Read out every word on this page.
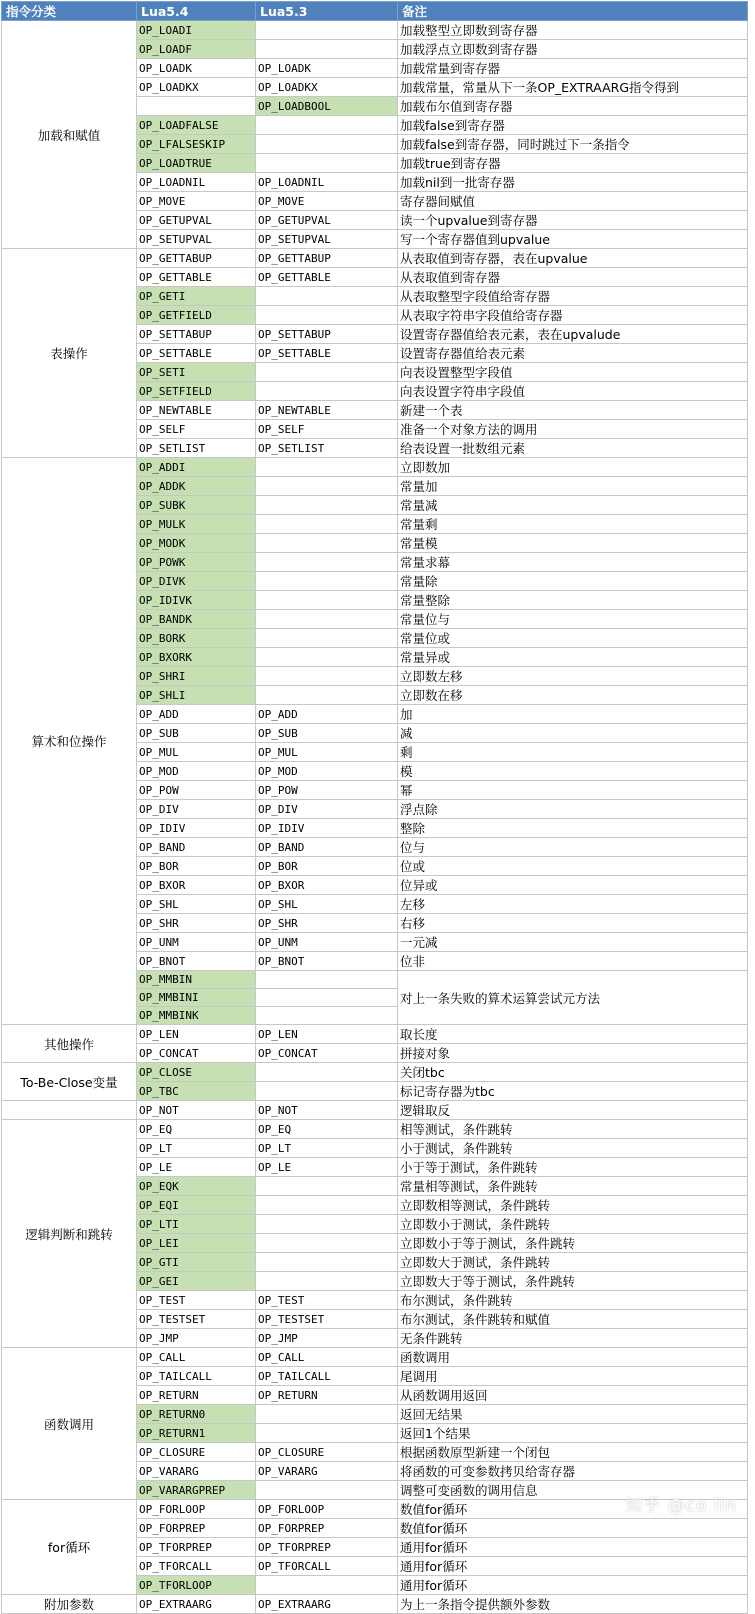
指令分类	Lua5.4	Lua5.3	备注
加载和赋值	OP_LOADI		加载整型立即数到寄存器
	OP_LOADF		加载浮点立即数到寄存器
	OP_LOADK	OP_LOADK	加载常量到寄存器
	OP_LOADKX	OP_LOADKX	加载常量，常量从下一条OP_EXTRAARG指令得到
		OP_LOADBOOL	加载布尔值到寄存器
	OP_LOADFALSE		加载false到寄存器
	OP_LFALSESKIP		加载false到寄存器，同时跳过下一条指令
	OP_LOADTRUE		加载true到寄存器
	OP_LOADNIL	OP_LOADNIL	加载nil到一批寄存器
	OP_MOVE	OP_MOVE	寄存器间赋值
	OP_GETUPVAL	OP_GETUPVAL	读一个upvalue到寄存器
	OP_SETUPVAL	OP_SETUPVAL	写一个寄存器值到upvalue
表操作	OP_GETTABUP	OP_GETTABUP	从表取值到寄存器，表在upvalue
	OP_GETTABLE	OP_GETTABLE	从表取值到寄存器
	OP_GETI		从表取整型字段值给寄存器
	OP_GETFIELD		从表取字符串字段值给寄存器
	OP_SETTABUP	OP_SETTABUP	设置寄存器值给表元素，表在upvalude
	OP_SETTABLE	OP_SETTABLE	设置寄存器值给表元素
	OP_SETI		向表设置整型字段值
	OP_SETFIELD		向表设置字符串字段值
	OP_NEWTABLE	OP_NEWTABLE	新建一个表
	OP_SELF	OP_SELF	准备一个对象方法的调用
	OP_SETLIST	OP_SETLIST	给表设置一批数组元素
算术和位操作	OP_ADDI		立即数加
	OP_ADDK		常量加
	OP_SUBK		常量减
	OP_MULK		常量剩
	OP_MODK		常量模
	OP_POWK		常量求幕
	OP_DIVK		常量除
	OP_IDIVK		常量整除
	OP_BANDK		常量位与
	OP_BORK		常量位或
	OP_BXORK		常量异或
	OP_SHRI		立即数左移
	OP_SHLI		立即数在移
	OP_ADD	OP_ADD	加
	OP_SUB	OP_SUB	减
	OP_MUL	OP_MUL	剩
	OP_MOD	OP_MOD	模
	OP_POW	OP_POW	幂
	OP_DIV	OP_DIV	浮点除
	OP_IDIV	OP_IDIV	整除
	OP_BAND	OP_BAND	位与
	OP_BOR	OP_BOR	位或
	OP_BXOR	OP_BXOR	位异或
	OP_SHL	OP_SHL	左移
	OP_SHR	OP_SHR	右移
	OP_UNM	OP_UNM	一元减
	OP_BNOT	OP_BNOT	位非
	OP_MMBIN		对上一条失败的算术运算尝试元方法
	OP_MMBINI		
	OP_MMBINK		
其他操作	OP_LEN	OP_LEN	取长度
	OP_CONCAT	OP_CONCAT	拼接对象
To-Be-Close变量	OP_CLOSE		关闭tbc
	OP_TBC		标记寄存器为tbc
	OP_NOT	OP_NOT	逻辑取反
逻辑判断和跳转	OP_EQ	OP_EQ	相等测试，条件跳转
	OP_LT	OP_LT	小于测试，条件跳转
	OP_LE	OP_LE	小于等于测试，条件跳转
	OP_EQK		常量相等测试，条件跳转
	OP_EQI		立即数相等测试，条件跳转
	OP_LTI		立即数小于测试，条件跳转
	OP_LEI		立即数小于等于测试，条件跳转
	OP_GTI		立即数大于测试，条件跳转
	OP_GEI		立即数大于等于测试，条件跳转
	OP_TEST	OP_TEST	布尔测试，条件跳转
	OP_TESTSET	OP_TESTSET	布尔测试，条件跳转和赋值
	OP_JMP	OP_JMP	无条件跳转
函数调用	OP_CALL	OP_CALL	函数调用
	OP_TAILCALL	OP_TAILCALL	尾调用
	OP_RETURN	OP_RETURN	从函数调用返回
	OP_RETURN0		返回无结果
	OP_RETURN1		返回1个结果
	OP_CLOSURE	OP_CLOSURE	根据函数原型新建一个闭包
	OP_VARARG	OP_VARARG	将函数的可变参数拷贝给寄存器
	OP_VARARGPREP		调整可变函数的调用信息
for循环	OP_FORLOOP	OP_FORLOOP	数值for循环
	OP_FORPREP	OP_FORPREP	数值for循环
	OP_TFORPREP	OP_TFORPREP	通用for循环
	OP_TFORCALL	OP_TFORCALL	通用for循环
	OP_TFORLOOP		通用for循环
附加参数	OP_EXTRAARG	OP_EXTRAARG	为上一条指令提供额外参数
知乎 @co lin
